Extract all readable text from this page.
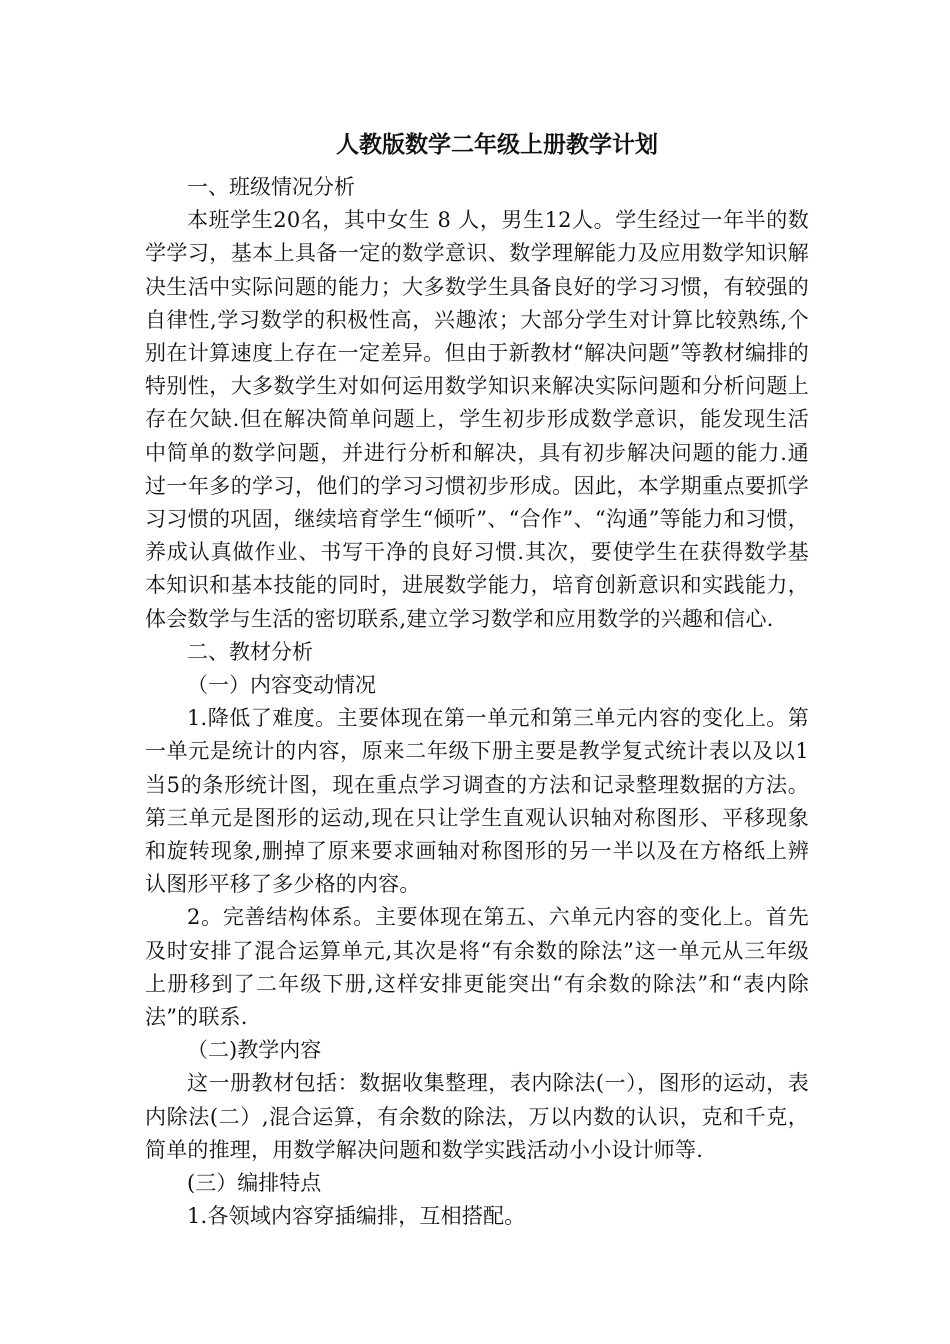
人教版数学二年级上册教学计划

一、班级情况分析

本班学生20名，其中女生 8 人，男生12人。学生经过一年半的数学学习，基本上具备一定的数学意识、数学理解能力及应用数学知识解决生活中实际问题的能力；大多数学生具备良好的学习习惯，有较强的自律性,学习数学的积极性高，兴趣浓；大部分学生对计算比较熟练,个别在计算速度上存在一定差异。但由于新教材“解决问题”等教材编排的特别性，大多数学生对如何运用数学知识来解决实际问题和分析问题上存在欠缺.但在解决简单问题上，学生初步形成数学意识，能发现生活中简单的数学问题，并进行分析和解决，具有初步解决问题的能力.通过一年多的学习，他们的学习习惯初步形成。因此，本学期重点要抓学习习惯的巩固，继续培育学生“倾听”、“合作”、“沟通”等能力和习惯，养成认真做作业、书写干净的良好习惯.其次，要使学生在获得数学基本知识和基本技能的同时，进展数学能力，培育创新意识和实践能力，体会数学与生活的密切联系,建立学习数学和应用数学的兴趣和信心.

二、教材分析

（一）内容变动情况

1.降低了难度。主要体现在第一单元和第三单元内容的变化上。第一单元是统计的内容，原来二年级下册主要是教学复式统计表以及以1当5的条形统计图，现在重点学习调查的方法和记录整理数据的方法。第三单元是图形的运动,现在只让学生直观认识轴对称图形、平移现象和旋转现象,删掉了原来要求画轴对称图形的另一半以及在方格纸上辨认图形平移了多少格的内容。

2。完善结构体系。主要体现在第五、六单元内容的变化上。首先及时安排了混合运算单元,其次是将“有余数的除法”这一单元从三年级上册移到了二年级下册,这样安排更能突出“有余数的除法”和“表内除法”的联系.

（二)教学内容

这一册教材包括：数据收集整理，表内除法(一），图形的运动，表内除法(二）,混合运算，有余数的除法，万以内数的认识，克和千克，简单的推理，用数学解决问题和数学实践活动小小设计师等.

(三）编排特点

1.各领域内容穿插编排，互相搭配。
